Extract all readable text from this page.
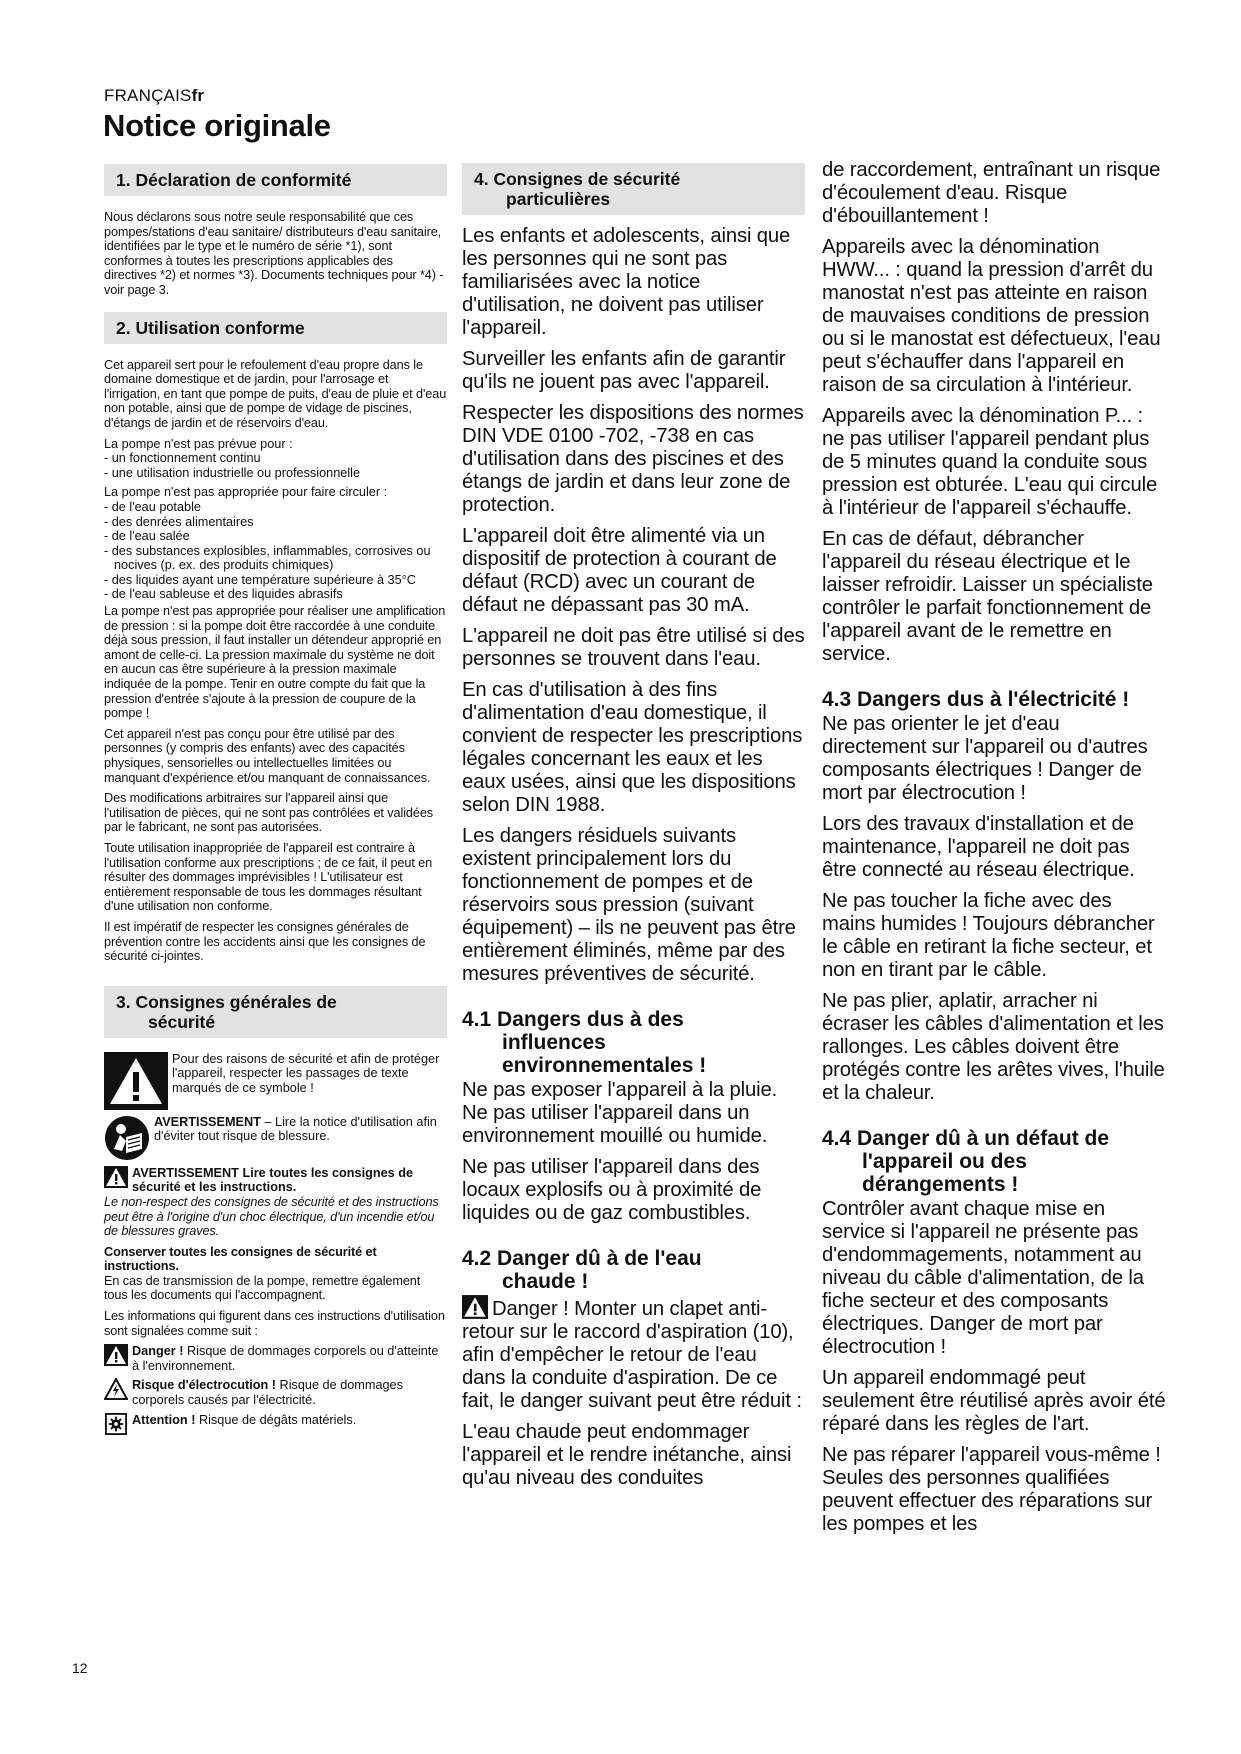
FRANÇAISfr
Notice originale
1. Déclaration de conformité

Nous déclarons sous notre seule responsabilité que ces pompes/stations d'eau sanitaire/ distributeurs d'eau sanitaire, identifiées par le type et le numéro de série *1), sont conformes à toutes les prescriptions applicables des directives *2) et normes *3). Documents techniques pour *4) - voir page 3.

2. Utilisation conforme

Cet appareil sert pour le refoulement d'eau propre dans le domaine domestique et de jardin, pour l'arrosage et l'irrigation, en tant que pompe de puits, d'eau de pluie et d'eau non potable, ainsi que de pompe de vidage de piscines, d'étangs de jardin et de réservoirs d'eau.

La pompe n'est pas prévue pour :
- un fonctionnement continu
- une utilisation industrielle ou professionnelle
La pompe n'est pas appropriée pour faire circuler :
- de l'eau potable
- des denrées alimentaires
- de l'eau salée
- des substances explosibles, inflammables, corrosives ou nocives (p. ex. des produits chimiques)
- des liquides ayant une température supérieure à 35°C
- de l'eau sableuse et des liquides abrasifs

La pompe n'est pas appropriée pour réaliser une amplification de pression : si la pompe doit être raccordée à une conduite déjà sous pression, il faut installer un détendeur approprié en amont de celle-ci. La pression maximale du système ne doit en aucun cas être supérieure à la pression maximale indiquée de la pompe. Tenir en outre compte du fait que la pression d'entrée s'ajoute à la pression de coupure de la pompe !

Cet appareil n'est pas conçu pour être utilisé par des personnes (y compris des enfants) avec des capacités physiques, sensorielles ou intellectuelles limitées ou manquant d'expérience et/ou manquant de connaissances.

Des modifications arbitraires sur l'appareil ainsi que l'utilisation de pièces, qui ne sont pas contrôlées et validées par le fabricant, ne sont pas autorisées.

Toute utilisation inappropriée de l'appareil est contraire à l'utilisation conforme aux prescriptions ; de ce fait, il peut en résulter des dommages imprévisibles ! L'utilisateur est entièrement responsable de tous les dommages résultant d'une utilisation non conforme.

Il est impératif de respecter les consignes générales de prévention contre les accidents ainsi que les consignes de sécurité ci-jointes.

3. Consignes générales de
sécurité
Pour des raisons de sécurité et afin de protéger l'appareil, respecter les passages de texte marqués de ce symbole !
AVERTISSEMENT – Lire la notice d'utilisation afin d'éviter tout risque de blessure.
AVERTISSEMENT Lire toutes les consignes de sécurité et les instructions.

Le non-respect des consignes de sécurité et des instructions peut être à l'origine d'un choc électrique, d'un incendie et/ou de blessures graves.

Conserver toutes les consignes de sécurité et instructions.
En cas de transmission de la pompe, remettre également tous les documents qui l'accompagnent.

Les informations qui figurent dans ces instructions d'utilisation sont signalées comme suit :

Danger ! Risque de dommages corporels ou d'atteinte à l'environnement.
Risque d'électrocution ! Risque de dommages corporels causés par l'électricité.
Attention ! Risque de dégâts matériels.
4. Consignes de sécurité
particulières

Les enfants et adolescents, ainsi que les personnes qui ne sont pas familiarisées avec la notice d'utilisation, ne doivent pas utiliser l'appareil.

Surveiller les enfants afin de garantir qu'ils ne jouent pas avec l'appareil.

Respecter les dispositions des normes DIN VDE 0100 -702, -738 en cas d'utilisation dans des piscines et des étangs de jardin et dans leur zone de protection.

L'appareil doit être alimenté via un dispositif de protection à courant de défaut (RCD) avec un courant de défaut ne dépassant pas 30 mA.

L'appareil ne doit pas être utilisé si des personnes se trouvent dans l'eau.

En cas d'utilisation à des fins d'alimentation d'eau domestique, il convient de respecter les prescriptions légales concernant les eaux et les eaux usées, ainsi que les dispositions selon DIN 1988.

Les dangers résiduels suivants existent principalement lors du fonctionnement de pompes et de réservoirs sous pression (suivant équipement) – ils ne peuvent pas être entièrement éliminés, même par des mesures préventives de sécurité.

4.1 Dangers dus à des
influences
environnementales !

Ne pas exposer l'appareil à la pluie. Ne pas utiliser l'appareil dans un environnement mouillé ou humide.

Ne pas utiliser l'appareil dans des locaux explosifs ou à proximité de liquides ou de gaz combustibles.

4.2 Danger dû à de l'eau
chaude !

Danger ! Monter un clapet anti-retour sur le raccord d'aspiration (10), afin d'empêcher le retour de l'eau dans la conduite d'aspiration. De ce fait, le danger suivant peut être réduit :

L'eau chaude peut endommager l'appareil et le rendre inétanche, ainsi qu'au niveau des conduites

de raccordement, entraînant un risque d'écoulement d'eau. Risque d'ébouillantement !

Appareils avec la dénomination HWW... : quand la pression d'arrêt du manostat n'est pas atteinte en raison de mauvaises conditions de pression ou si le manostat est défectueux, l'eau peut s'échauffer dans l'appareil en raison de sa circulation à l'intérieur.

Appareils avec la dénomination P... : ne pas utiliser l'appareil pendant plus de 5 minutes quand la conduite sous pression est obturée. L'eau qui circule à l'intérieur de l'appareil s'échauffe.

En cas de défaut, débrancher l'appareil du réseau électrique et le laisser refroidir. Laisser un spécialiste contrôler le parfait fonctionnement de l'appareil avant de le remettre en service.

4.3 Dangers dus à l'électricité !

Ne pas orienter le jet d'eau directement sur l'appareil ou d'autres composants électriques ! Danger de mort par électrocution !

Lors des travaux d'installation et de maintenance, l'appareil ne doit pas être connecté au réseau électrique.

Ne pas toucher la fiche avec des mains humides ! Toujours débrancher le câble en retirant la fiche secteur, et non en tirant par le câble.

Ne pas plier, aplatir, arracher ni écraser les câbles d'alimentation et les rallonges. Les câbles doivent être protégés contre les arêtes vives, l'huile et la chaleur.

4.4 Danger dû à un défaut de
l'appareil ou des
dérangements !

Contrôler avant chaque mise en service si l'appareil ne présente pas d'endommagements, notamment au niveau du câble d'alimentation, de la fiche secteur et des composants électriques. Danger de mort par électrocution !

Un appareil endommagé peut seulement être réutilisé après avoir été réparé dans les règles de l'art.

Ne pas réparer l'appareil vous-même ! Seules des personnes qualifiées peuvent effectuer des réparations sur les pompes et les

12
